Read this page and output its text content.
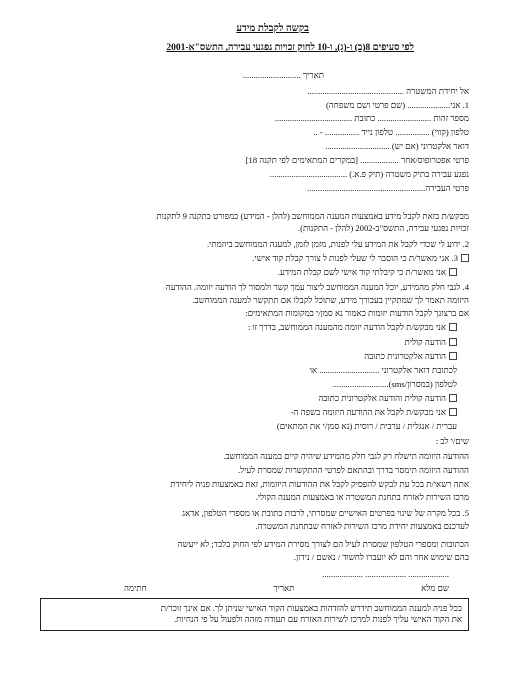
בקשה לקבלת מידע
לפי סעיפים 8(ב) ו-(ג), ו-10 לחוק זכויות נפגעי עבירה, התשס"א-2001
תאריך ...........................
אל יחידת המשטרה .............................................
1. אני.................... (שם פרטי ושם משפחה)
מספר זהות ......................... כתובת ....................................
טלפון (קווי) ................ טלפון נייד ................ - ..
דואר אלקטרוני (אם יש) ..............................
פרטי אפטרופוס/אחר .................. [במקרים המתאימים לפי תקנה 18]
נפגע עבירה בתיק משטרה (תיק פ.א.) ....................................
פרטי העבירה.......................................................
מבקש/ת בזאת לקבל מידע באמצעות המענה הממוחשב (להלן - המידע) כמפורט בתקנה 9 לתקנות
זכויות נפגעי עבירה, התשס"ב-2002 (להלן - התקנות).
2. ידוע לי שכדי לקבל את המידע עלי לפנות, מזמן לזמן, למענה הממוחשב ביוזמתי.
3. אני מאשר/ת כי הוסבר לי שעלי לפנות ל צורך קבלת קוד אישי.
אני מאשר/ת כי קיבלתי קוד אישי לשם קבלת המידע.
4. לגבי חלק מהמידע, יוכל המענה הממוחשב ליצור עמך קשר ולמסור לך הודעה יזומה. ההודעה
היזומה תאמר לך שמתקיין בעבורך מידע, שתוכל לקבלו אם תתקשר למענה הממוחשב.
אם ברצונך לקבל הודעות יזומות כאמור נא סמן/י במקומות המתאימים:
אני מבקש/ת לקבל הודעה יזומה מהמענה הממוחשב, בדרך זו :
הודעה קולית
הודעה אלקטרונית כתובה
לכתובת דואר אלקטרוני ............................ או
לטלפון (במסרון/sms)..........................
הודעה קולית והודעה אלקטרונית כתובה
אני מבקש/ת לקבל את ההודעה היזומה בשפה ה-
עברית / אנגלית / ערבית / רוסית (נא סמן/י את המתאים)
שים/י לב :
ההודעה היזומה תישלח רק לגבי חלק מהמידע שיהיה קיים במענה הממוחשב.
ההודעה היזומה תימסר בדרך ובהתאם לפרטי ההתקשרות שמסרת לעיל.
אתה רשאי/ת בכל עת לבקש להפסיק לקבל את ההודעות היזומות, זאת באמצעות פניה ליחידת
מרכז השירות לאזרח בתחנת המשטרה או באמצעות המענה הקולי.
5. בכל מקרה של שינוי בפרטים האישיים שמסרתי, לרבות כתובת או מספרי הטלפון, אדאג
לעדכנם באמצעות יחידת מרכז השירות לאזרח שבתחנת המשטרה.
הכתובות ומספרי הטלפון שמסרת לעיל הם לצורך מסירת המידע לפי החוק בלבד; לא ייעשה
בהם שימוש אחר והם לא יועברו לחשוד / נאשם / נידון.
................... ................... ...................
שם מלא
תאריך
חתימה
בכל פניה למענה הממוחשב תידרש להזדהות באמצעות הקוד האישי שניתן לך. אם אינך זוכר/ת
את הקוד האישי עליך לפנות למרכז לשירות האזרח עם תעודה מזהה ולפעול על פי הנחיות.
